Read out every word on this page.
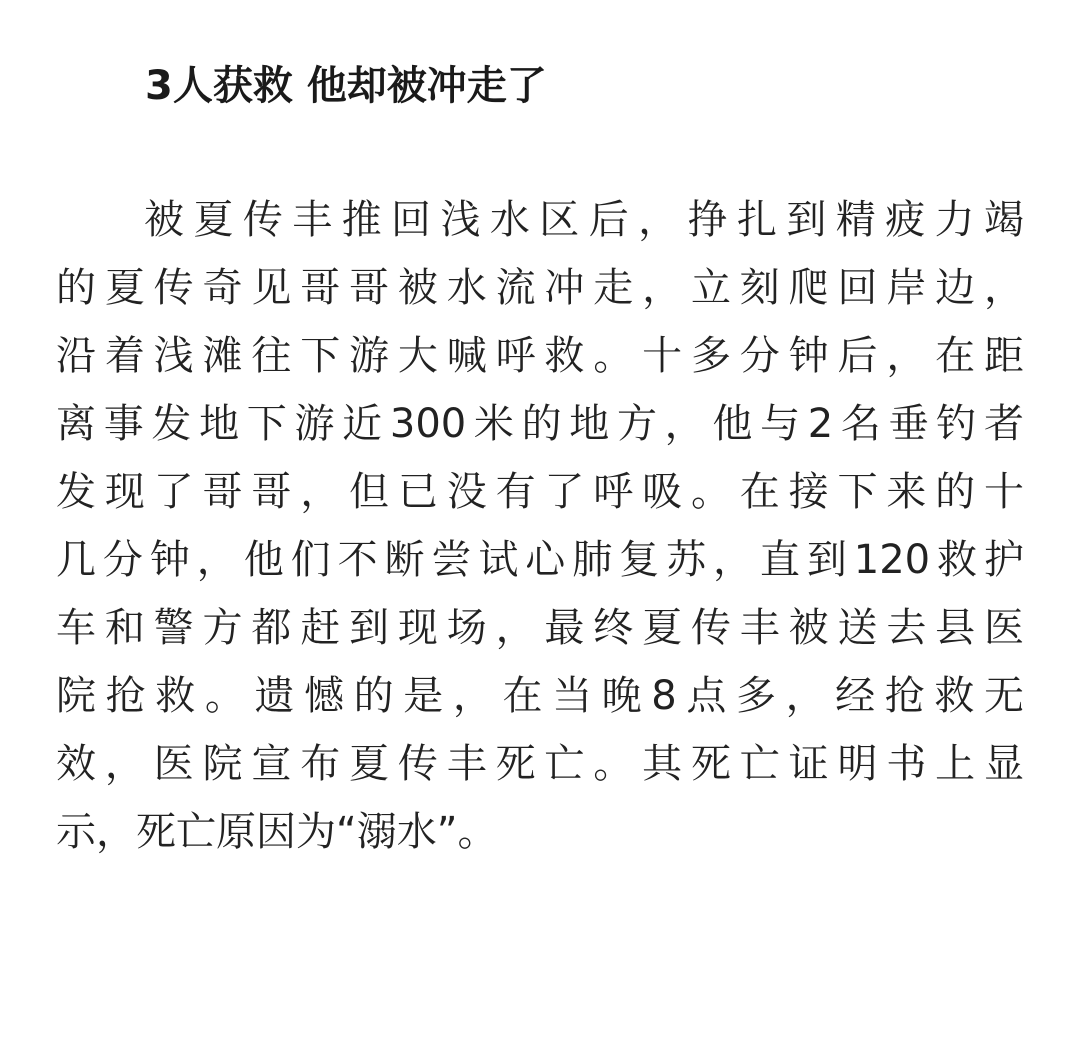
3人获救 他却被冲走了
被夏传丰推回浅水区后，挣扎到精疲力竭
的夏传奇见哥哥被水流冲走，立刻爬回岸边，
沿着浅滩往下游大喊呼救。十多分钟后，在距
离事发地下游近300米的地方，他与2名垂钓者
发现了哥哥，但已没有了呼吸。在接下来的十
几分钟，他们不断尝试心肺复苏，直到120救护
车和警方都赶到现场，最终夏传丰被送去县医
院抢救。遗憾的是，在当晚8点多，经抢救无
效，医院宣布夏传丰死亡。其死亡证明书上显
示，死亡原因为“溺水”。
